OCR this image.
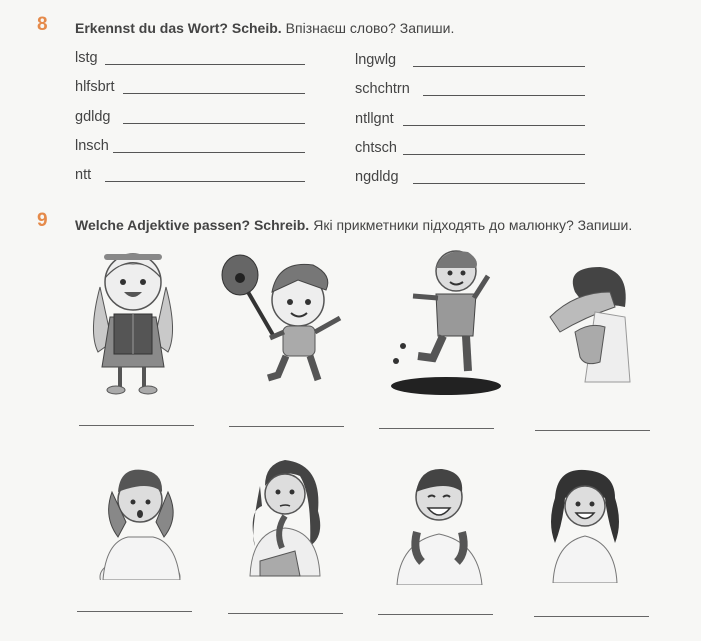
8 Erkennst du das Wort? Scheib. Впізнаєш слово? Запиши.
lstg
hlfsbrt
gdldg
lnsch
ntt
lngwlg
schchtrn
ntllgnt
chtsch
ngdldg
9 Welche Adjektive passen? Schreib. Які прикметники підходять до малюнку? Запиши.
